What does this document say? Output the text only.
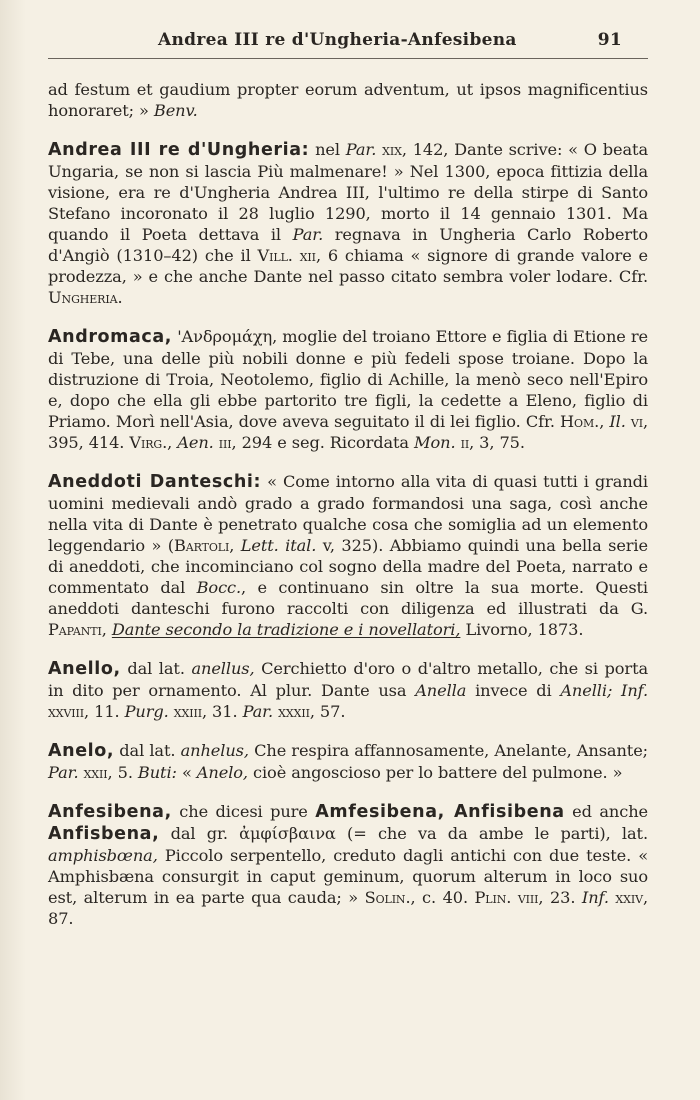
Andrea III re d'Ungheria-Anfesibena	91

ad festum et gaudium propter eorum adventum, ut ipsos magnificentius honoraret; » Benv.

Andrea III re d'Ungheria: nel Par. xix, 142, Dante scrive: « O beata Ungaria, se non si lascia Più malmenare! » Nel 1300, epoca fittizia della visione, era re d'Ungheria Andrea III, l'ultimo re della stirpe di Santo Stefano incoronato il 28 luglio 1290, morto il 14 gennaio 1301. Ma quando il Poeta dettava il Par. regnava in Ungheria Carlo Roberto d'Angiò (1310–42) che il Vill. xii, 6 chiama « signore di grande valore e prodezza, » e che anche Dante nel passo citato sembra voler lodare. Cfr. Ungheria.

Andromaca, 'Ανδρομάχη, moglie del troiano Ettore e figlia di Etione re di Tebe, una delle più nobili donne e più fedeli spose troiane. Dopo la distruzione di Troia, Neotolemo, figlio di Achille, la menò seco nell'Epiro e, dopo che ella gli ebbe partorito tre figli, la cedette a Eleno, figlio di Priamo. Morì nell'Asia, dove aveva seguitato il di lei figlio. Cfr. Hom., Il. vi, 395, 414. Virg., Aen. iii, 294 e seg. Ricordata Mon. ii, 3, 75.

Aneddoti Danteschi: « Come intorno alla vita di quasi tutti i grandi uomini medievali andò grado a grado formandosi una saga, così anche nella vita di Dante è penetrato qualche cosa che somiglia ad un elemento leggendario » (Bartoli, Lett. ital. v, 325). Abbiamo quindi una bella serie di aneddoti, che incominciano col sogno della madre del Poeta, narrato e commentato dal Bocc., e continuano sin oltre la sua morte. Questi aneddoti danteschi furono raccolti con diligenza ed illustrati da G. Papanti, Dante secondo la tradizione e i novellatori, Livorno, 1873.

Anello, dal lat. anellus, Cerchietto d'oro o d'altro metallo, che si porta in dito per ornamento. Al plur. Dante usa Anella invece di Anelli; Inf. xxviii, 11. Purg. xxiii, 31. Par. xxxii, 57.

Anelo, dal lat. anhelus, Che respira affannosamente, Anelante, Ansante; Par. xxii, 5. Buti: « Anelo, cioè angoscioso per lo battere del pulmone. »

Anfesibena, che dicesi pure Amfesibena, Anfisibena ed anche Anfisbena, dal gr. ἀμφίσβαινα (= che va da ambe le parti), lat. amphisbœna, Piccolo serpentello, creduto dagli antichi con due teste. « Amphisbæna consurgit in caput geminum, quorum alterum in loco suo est, alterum in ea parte qua cauda; » Solin., c. 40. Plin. viii, 23. Inf. xxiv, 87.
